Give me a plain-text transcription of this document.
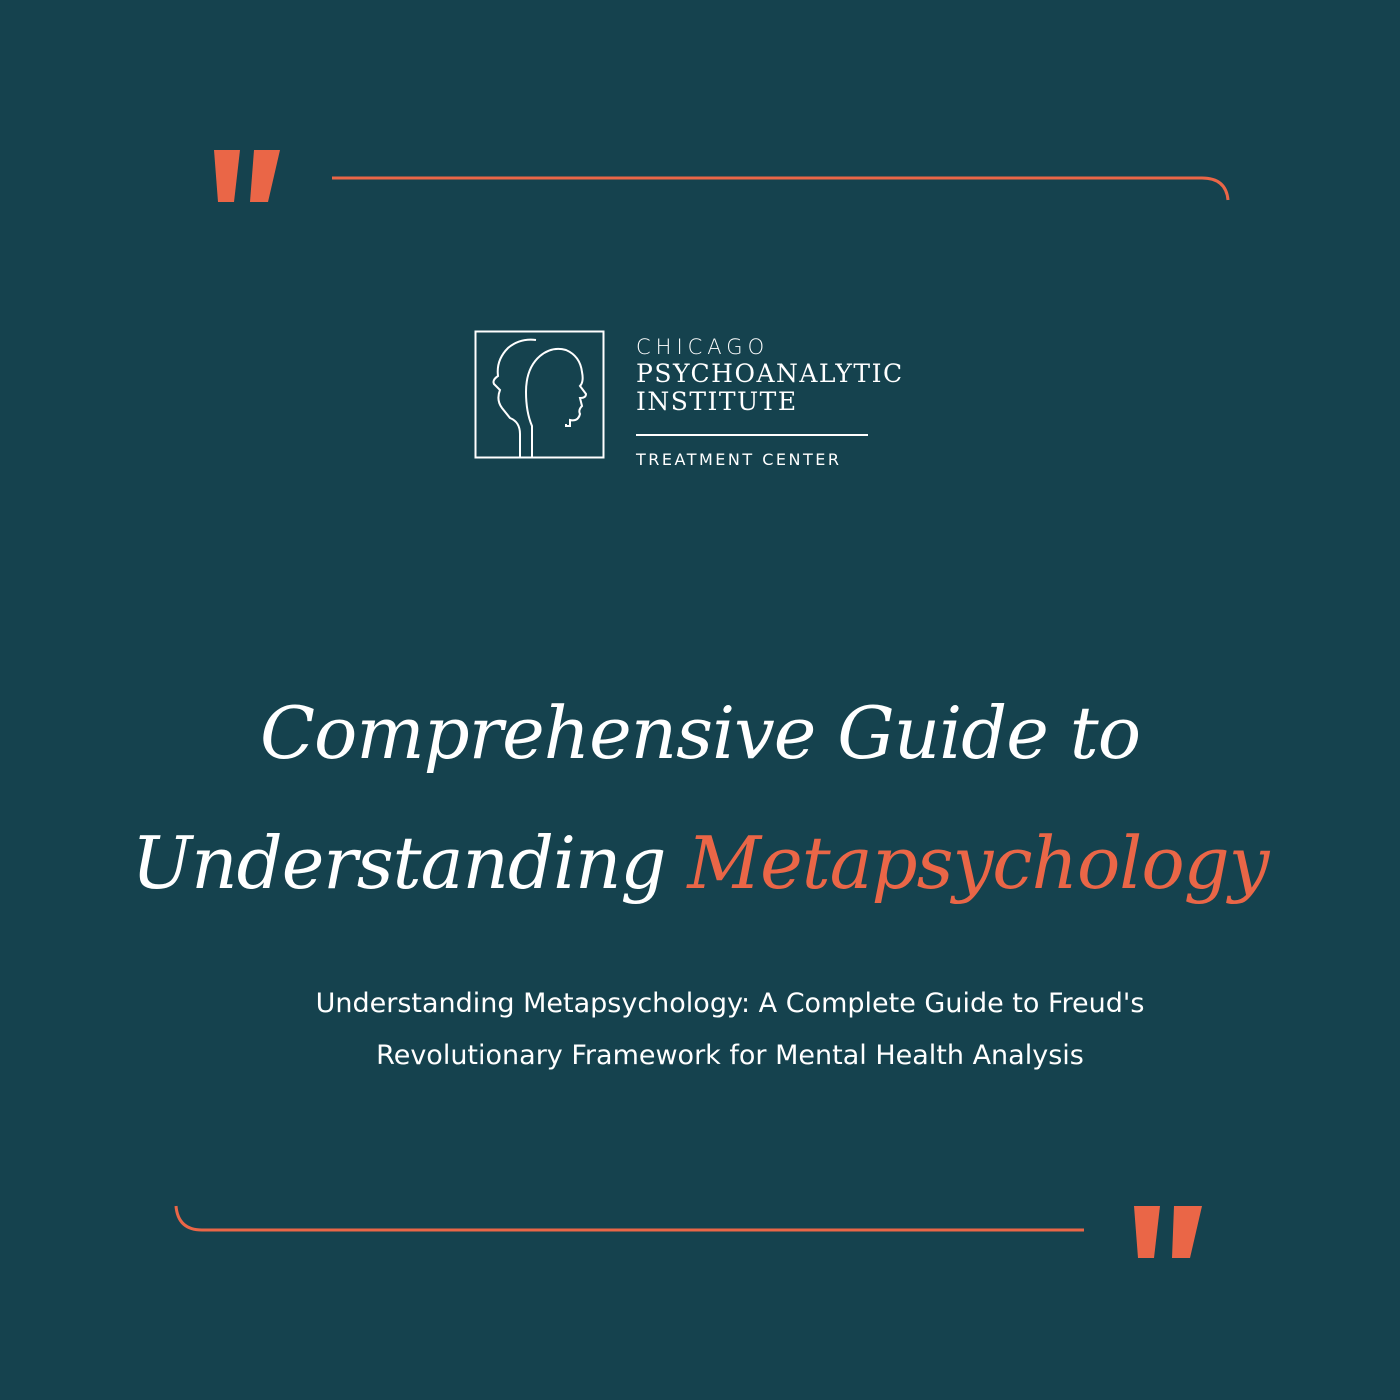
CHICAGO
PSYCHOANALYTIC
INSTITUTE
TREATMENT CENTER
Comprehensive Guide to
Understanding Metapsychology
Understanding Metapsychology: A Complete Guide to Freud's
Revolutionary Framework for Mental Health Analysis
